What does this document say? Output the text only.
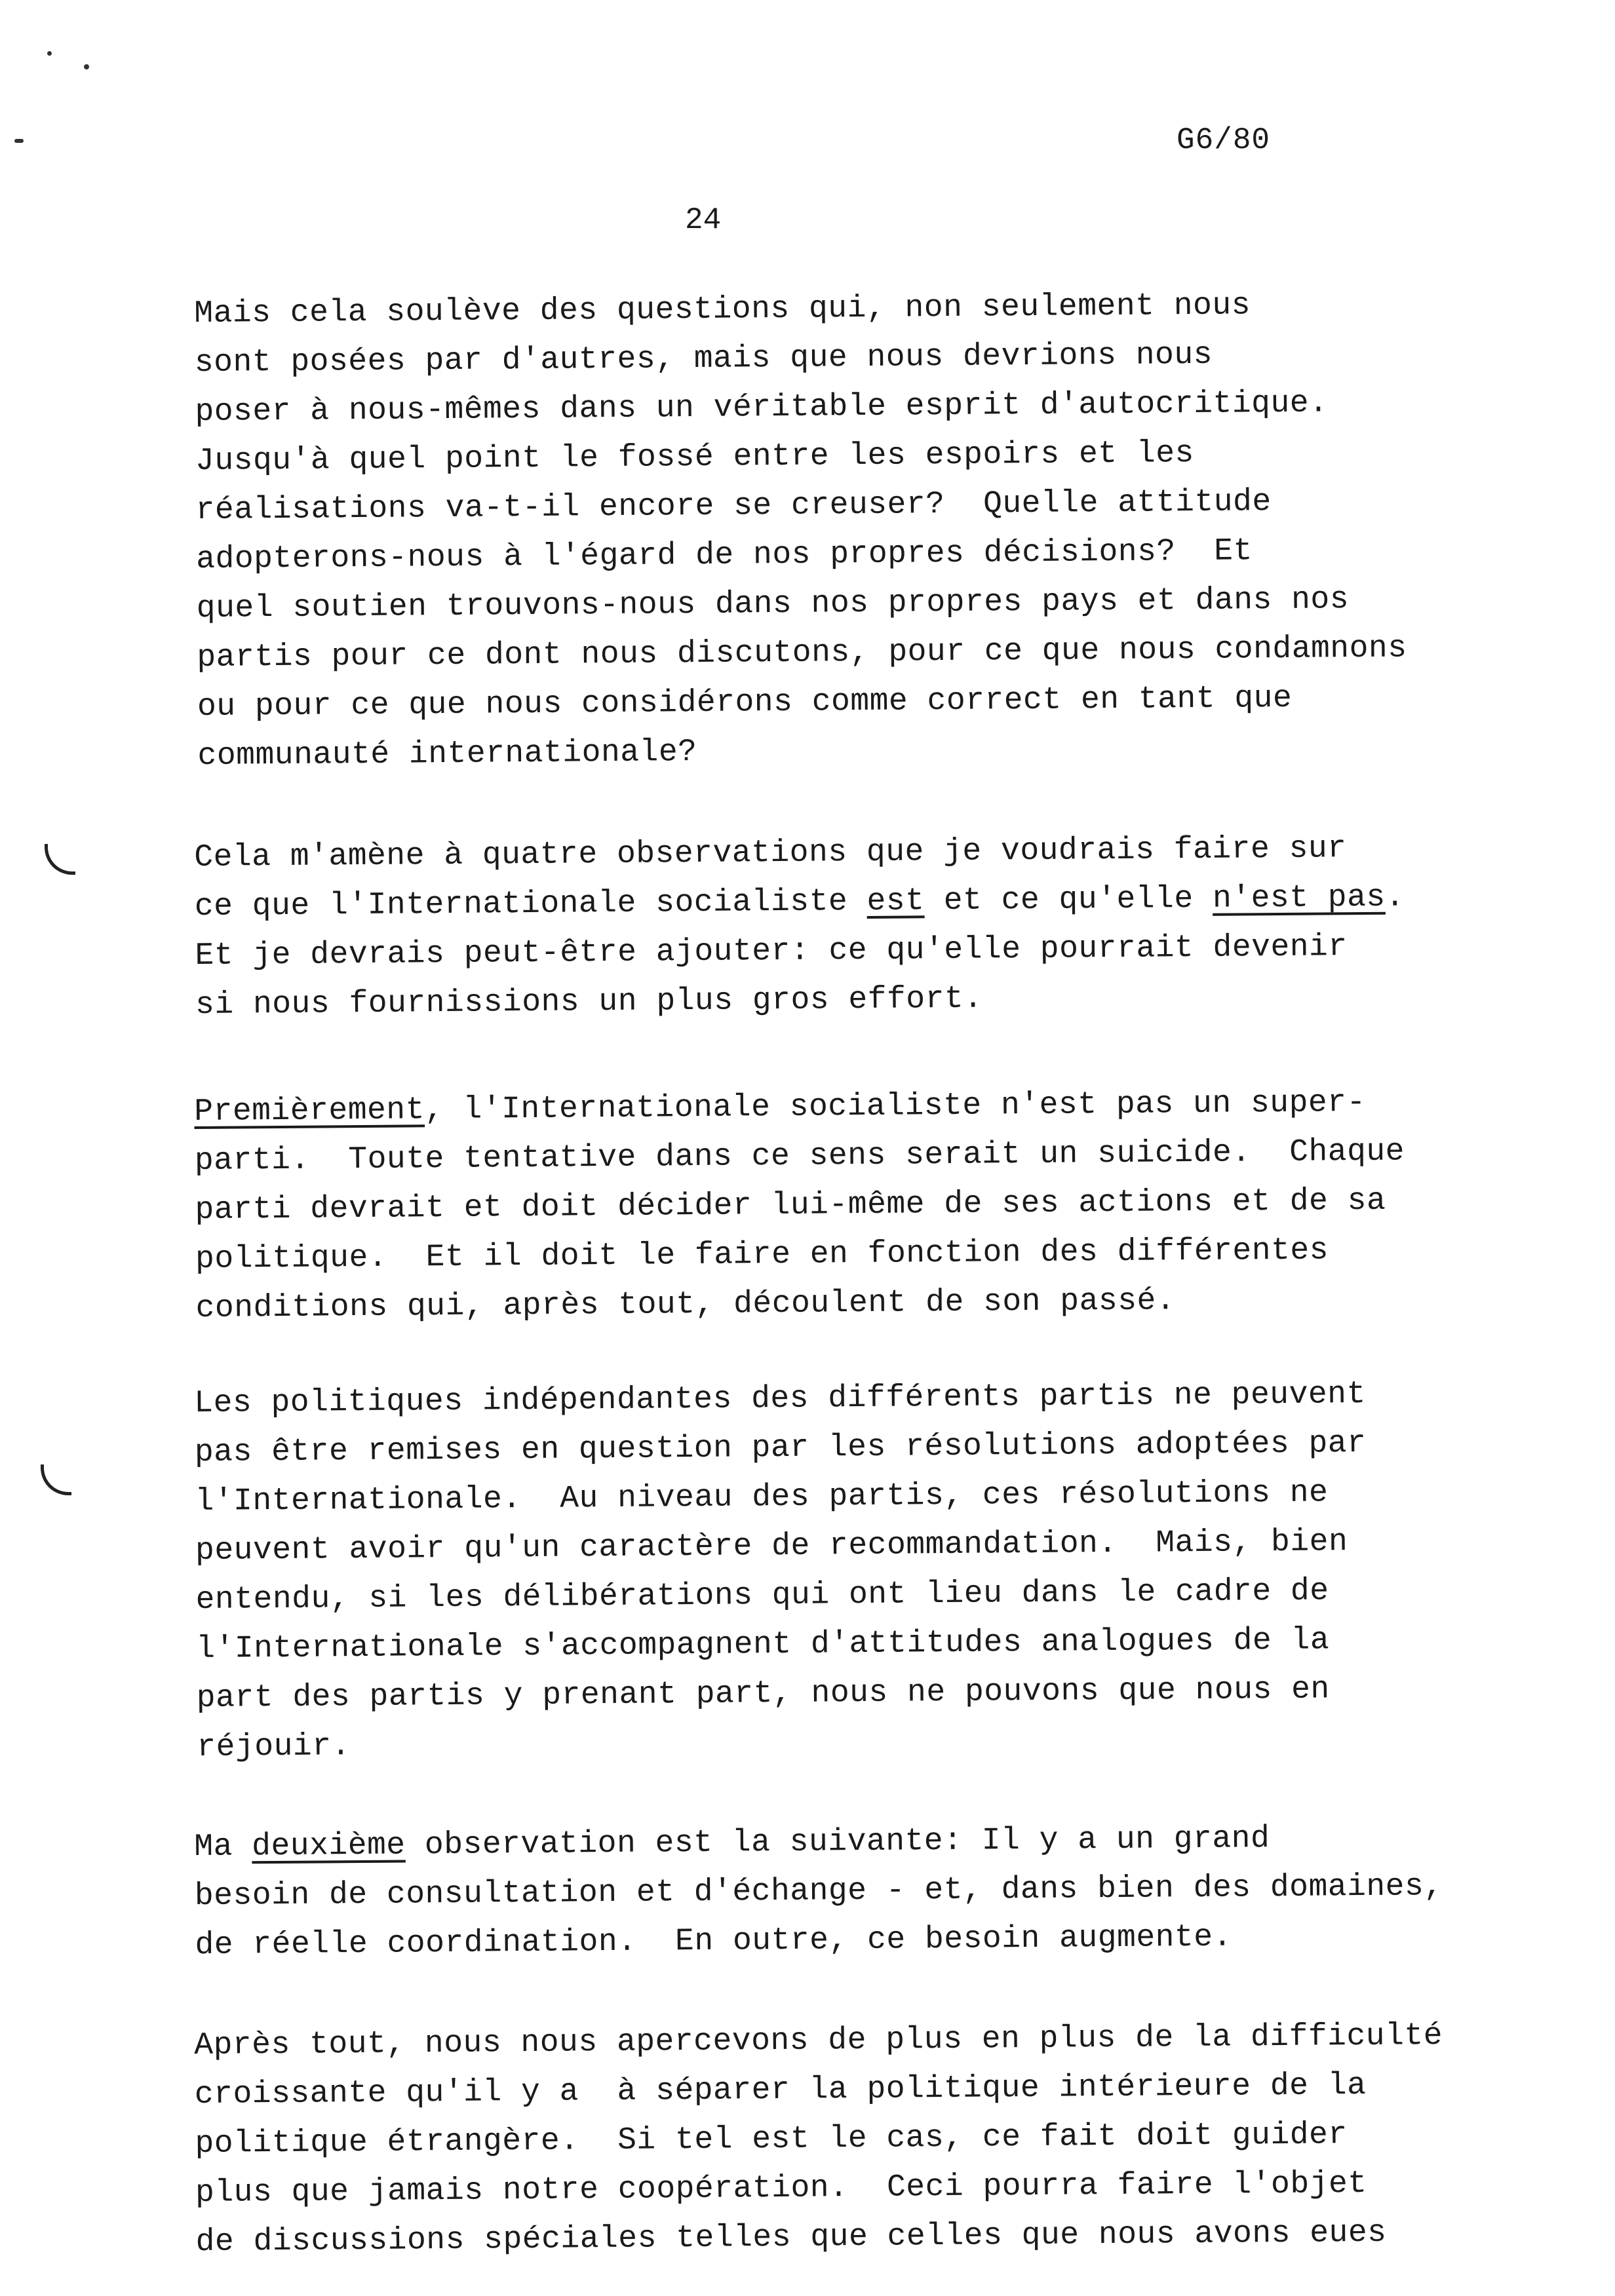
G6/80
24
Mais cela soulève des questions qui, non seulement nous
sont posées par d'autres, mais que nous devrions nous
poser à nous-mêmes dans un véritable esprit d'autocritique.
Jusqu'à quel point le fossé entre les espoirs et les
réalisations va-t-il encore se creuser?  Quelle attitude
adopterons-nous à l'égard de nos propres décisions?  Et
quel soutien trouvons-nous dans nos propres pays et dans nos
partis pour ce dont nous discutons, pour ce que nous condamnons
ou pour ce que nous considérons comme correct en tant que
communauté internationale?
Cela m'amène à quatre observations que je voudrais faire sur
ce que l'Internationale socialiste est et ce qu'elle n'est pas.
Et je devrais peut-être ajouter: ce qu'elle pourrait devenir
si nous fournissions un plus gros effort.
Premièrement, l'Internationale socialiste n'est pas un super-
parti.  Toute tentative dans ce sens serait un suicide.  Chaque
parti devrait et doit décider lui-même de ses actions et de sa
politique.  Et il doit le faire en fonction des différentes
conditions qui, après tout, découlent de son passé.
Les politiques indépendantes des différents partis ne peuvent
pas être remises en question par les résolutions adoptées par
l'Internationale.  Au niveau des partis, ces résolutions ne
peuvent avoir qu'un caractère de recommandation.  Mais, bien
entendu, si les délibérations qui ont lieu dans le cadre de
l'Internationale s'accompagnent d'attitudes analogues de la
part des partis y prenant part, nous ne pouvons que nous en
réjouir.
Ma deuxième observation est la suivante: Il y a un grand
besoin de consultation et d'échange - et, dans bien des domaines,
de réelle coordination.  En outre, ce besoin augmente.
Après tout, nous nous apercevons de plus en plus de la difficulté
croissante qu'il y a  à séparer la politique intérieure de la
politique étrangère.  Si tel est le cas, ce fait doit guider
plus que jamais notre coopération.  Ceci pourra faire l'objet
de discussions spéciales telles que celles que nous avons eues
